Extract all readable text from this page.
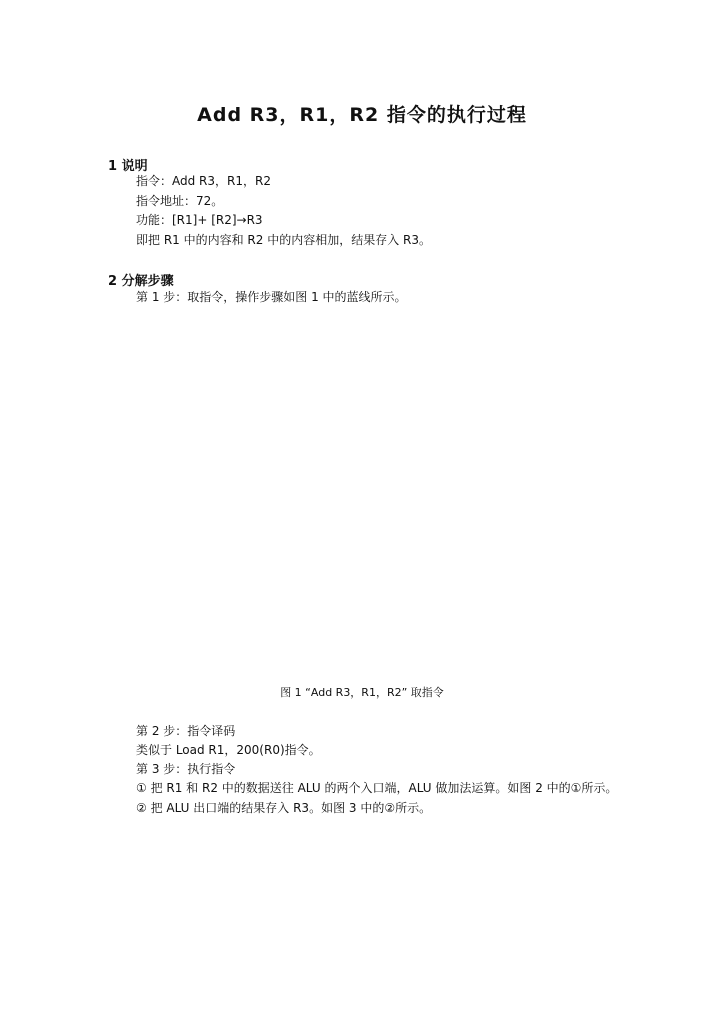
Add R3，R1，R2 指令的执行过程
1 说明
指令：Add R3，R1，R2
指令地址：72。
功能：[R1]+ [R2]→R3
即把 R1 中的内容和 R2 中的内容相加，结果存入 R3。
2 分解步骤
第 1 步：取指令，操作步骤如图 1 中的蓝线所示。
图 1 “Add R3，R1，R2” 取指令
第 2 步：指令译码
类似于 Load R1，200(R0)指令。
第 3 步：执行指令
① 把 R1 和 R2 中的数据送往 ALU 的两个入口端，ALU 做加法运算。如图 2 中的①所示。
② 把 ALU 出口端的结果存入 R3。如图 3 中的②所示。
